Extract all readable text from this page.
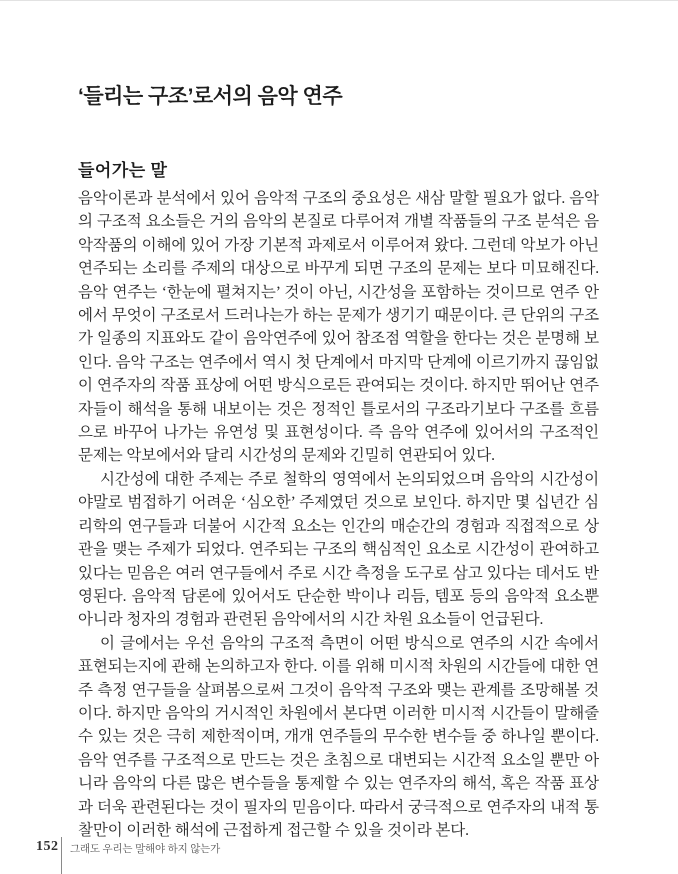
‘들리는 구조’로서의 음악 연주
들어가는 말

음악이론과 분석에서 있어 음악적 구조의 중요성은 새삼 말할 필요가 없다. 음악의 구조적 요소들은 거의 음악의 본질로 다루어져 개별 작품들의 구조 분석은 음악작품의 이해에 있어 가장 기본적 과제로서 이루어져 왔다. 그런데 악보가 아닌 연주되는 소리를 주제의 대상으로 바꾸게 되면 구조의 문제는 보다 미묘해진다. 음악 연주는 ‘한눈에 펼쳐지는’ 것이 아닌, 시간성을 포함하는 것이므로 연주 안에서 무엇이 구조로서 드러나는가 하는 문제가 생기기 때문이다. 큰 단위의 구조가 일종의 지표와도 같이 음악연주에 있어 참조점 역할을 한다는 것은 분명해 보인다. 음악 구조는 연주에서 역시 첫 단계에서 마지막 단계에 이르기까지 끊임없이 연주자의 작품 표상에 어떤 방식으로든 관여되는 것이다. 하지만 뛰어난 연주자들이 해석을 통해 내보이는 것은 정적인 틀로서의 구조라기보다 구조를 흐름으로 바꾸어 나가는 유연성 및 표현성이다. 즉 음악 연주에 있어서의 구조적인 문제는 악보에서와 달리 시간성의 문제와 긴밀히 연관되어 있다.

시간성에 대한 주제는 주로 철학의 영역에서 논의되었으며 음악의 시간성이야말로 범접하기 어려운 ‘심오한’ 주제였던 것으로 보인다. 하지만 몇 십년간 심리학의 연구들과 더불어 시간적 요소는 인간의 매순간의 경험과 직접적으로 상관을 맺는 주제가 되었다. 연주되는 구조의 핵심적인 요소로 시간성이 관여하고 있다는 믿음은 여러 연구들에서 주로 시간 측정을 도구로 삼고 있다는 데서도 반영된다. 음악적 담론에 있어서도 단순한 박이나 리듬, 템포 등의 음악적 요소뿐 아니라 청자의 경험과 관련된 음악에서의 시간 차원 요소들이 언급된다.

이 글에서는 우선 음악의 구조적 측면이 어떤 방식으로 연주의 시간 속에서 표현되는지에 관해 논의하고자 한다. 이를 위해 미시적 차원의 시간들에 대한 연주 측정 연구들을 살펴봄으로써 그것이 음악적 구조와 맺는 관계를 조망해볼 것이다. 하지만 음악의 거시적인 차원에서 본다면 이러한 미시적 시간들이 말해줄 수 있는 것은 극히 제한적이며, 개개 연주들의 무수한 변수들 중 하나일 뿐이다. 음악 연주를 구조적으로 만드는 것은 초침으로 대변되는 시간적 요소일 뿐만 아니라 음악의 다른 많은 변수들을 통제할 수 있는 연주자의 해석, 혹은 작품 표상과 더욱 관련된다는 것이 필자의 믿음이다. 따라서 궁극적으로 연주자의 내적 통찰만이 이러한 해석에 근접하게 접근할 수 있을 것이라 본다.

152 그래도 우리는 말해야 하지 않는가
